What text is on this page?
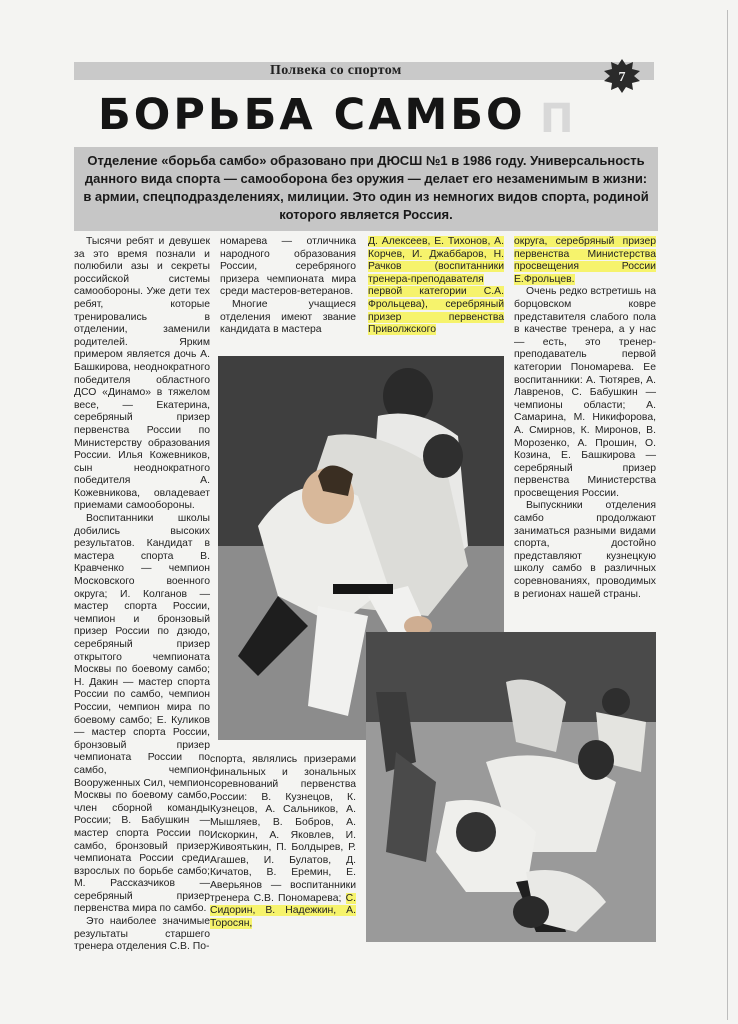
Полвека со спортом	7
П
БОРЬБА САМБО
Отделение «борьба самбо» образовано при ДЮСШ №1 в 1986 году. Универсальность данного вида спорта — самооборона без оружия — делает его незаменимым в жизни: в армии, спецподразделениях, милиции. Это один из немногих видов спорта, родиной которого является Россия.

Тысячи ребят и девушек за это время познали и полюбили азы и секреты российской системы самообороны. Уже дети тех ребят, которые тренировались в отделении, заменили родителей. Ярким примером является дочь А. Башкирова, неоднократного победителя областного ДСО «Динамо» в тяжелом весе, — Екатерина, серебряный призер первенства России по Министерству образования России. Илья Кожевников, сын неоднократного победителя А. Кожевникова, овладевает приемами самообороны.

Воспитанники школы добились высоких результатов. Кандидат в мастера спорта В. Кравченко — чемпион Московского военного округа; И. Колганов — мастер спорта России, чемпион и бронзовый призер России по дзюдо, серебряный призер открытого чемпионата Москвы по боевому самбо; Н. Дакин — мастер спорта России по самбо, чемпион России, чемпион мира по боевому самбо; Е. Куликов — мастер спорта России, бронзовый призер чемпионата России по самбо, чемпион Вооруженных Сил, чемпион Москвы по боевому самбо, член сборной команды России; В. Бабушкин — мастер спорта России по самбо, бронзовый призер чемпионата России среди взрослых по борьбе самбо; М. Рассказчиков — серебряный призер первенства мира по самбо.

Это наиболее значимые результаты старшего тренера отделения С.В. По-

номарева — отличника народного образования России, серебряного призера чемпионата мира среди мастеров-ветеранов.

Многие учащиеся отделения имеют звание кандидата в мастера

Д. Алексеев, Е. Тихонов, А. Корчев, И. Джаббаров, Н. Рачков (воспитанники тренера-преподавателя первой категории С.А. Фрольцева), серебряный призер первенства Приволжского

округа, серебряный призер первенства Министерства просвещения России Е.Фрольцев.

Очень редко встретишь на борцовском ковре представителя слабого пола в качестве тренера, а у нас — есть, это тренер-преподаватель первой категории Пономарева. Ее воспитанники: А. Тютярев, А. Лавренов, С. Бабушкин — чемпионы области; А. Самарина, М. Никифорова, А. Смирнов, К. Миронов, В. Морозенко, А. Прошин, О. Козина, Е. Башкирова — серебряный призер первенства Министерства просвещения России.

Выпускники отделения самбо продолжают заниматься разными видами спорта, достойно представляют кузнецкую школу самбо в различных соревнованиях, проводимых в регионах нашей страны.

спорта, являлись призерами финальных и зональных соревнований первенства России: В. Кузнецов, К. Кузнецов, А. Сальников, А. Мышляев, В. Бобров, А. Искоркин, А. Яковлев, И. Живоятькин, П. Болдырев, Р. Агашев, И. Булатов, Д. Кичатов, В. Еремин, Е. Аверьянов — воспитанники тренера С.В. Пономарева; С. Сидорин, В. Надежкин, А. Торосян,
